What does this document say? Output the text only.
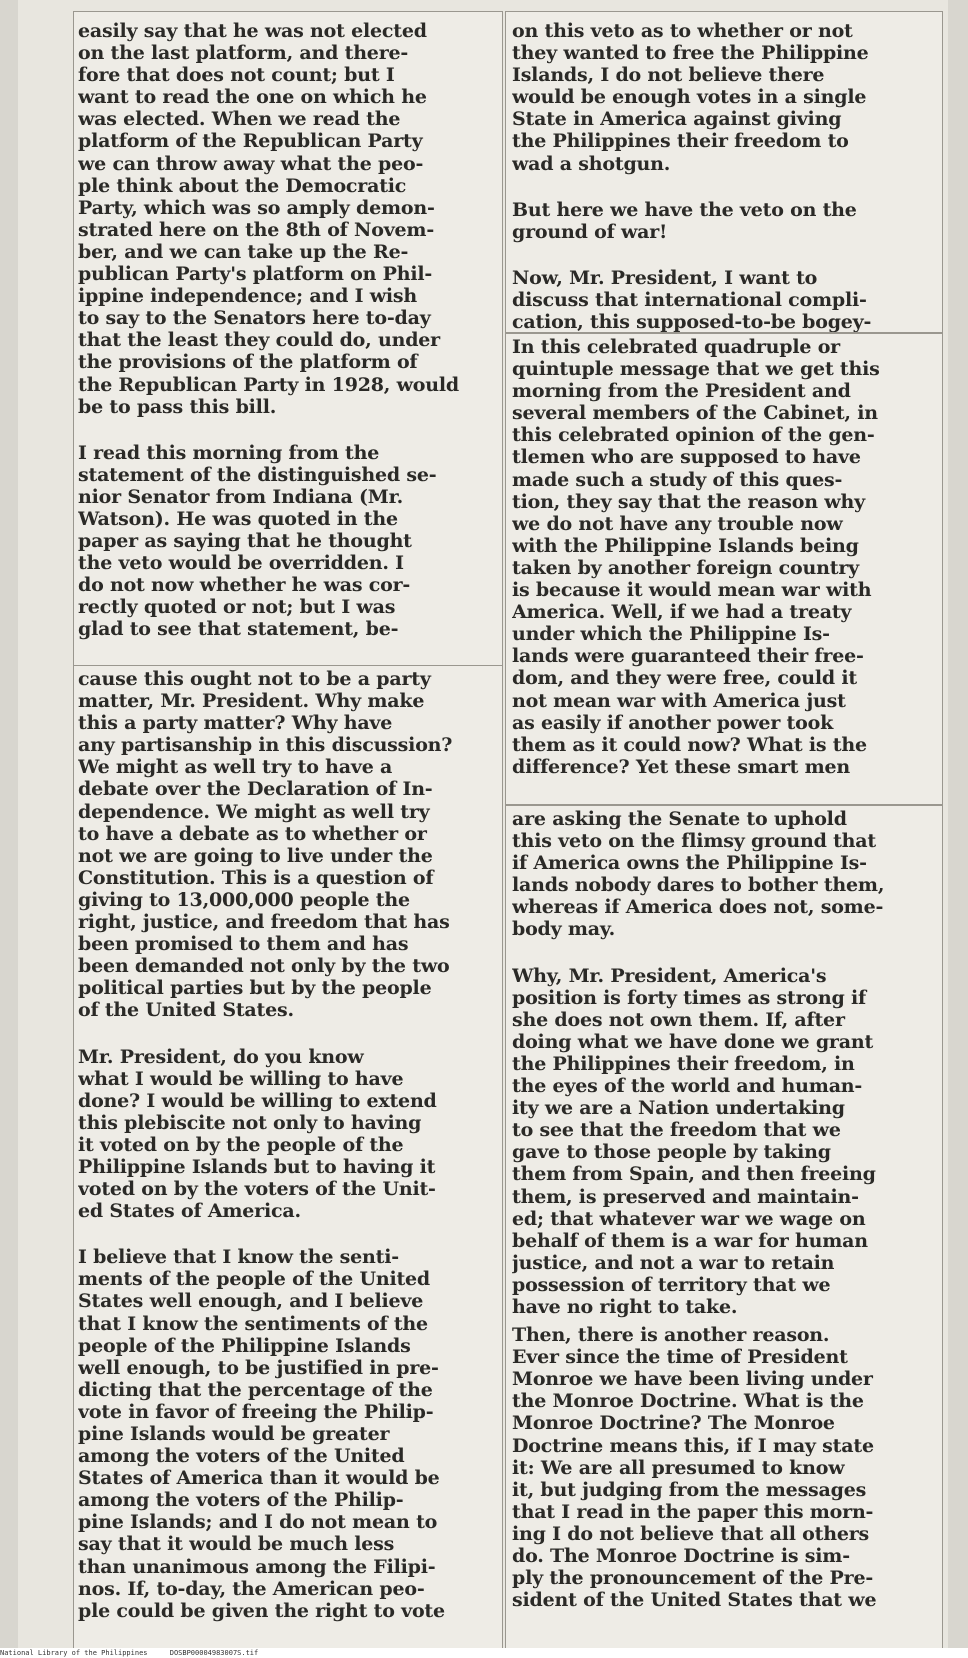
easily say that he was not elected
on the last platform, and there-
fore that does not count; but I
want to read the one on which he
was elected. When we read the
platform of the Republican Party
we can throw away what the peo-
ple think about the Democratic
Party, which was so amply demon-
strated here on the 8th of Novem-
ber, and we can take up the Re-
publican Party's platform on Phil-
ippine independence; and I wish
to say to the Senators here to-day
that the least they could do, under
the provisions of the platform of
the Republican Party in 1928, would
be to pass this bill.

I read this morning from the
statement of the distinguished se-
nior Senator from Indiana (Mr.
Watson). He was quoted in the
paper as saying that he thought
the veto would be overridden. I
do not now whether he was cor-
rectly quoted or not; but I was
glad to see that statement, be-

cause this ought not to be a party
matter, Mr. President. Why make
this a party matter? Why have
any partisanship in this discussion?
We might as well try to have a
debate over the Declaration of In-
dependence. We might as well try
to have a debate as to whether or
not we are going to live under the
Constitution. This is a question of
giving to 13,000,000 people the
right, justice, and freedom that has
been promised to them and has
been demanded not only by the two
political parties but by the people
of the United States.

Mr. President, do you know
what I would be willing to have
done? I would be willing to extend
this plebiscite not only to having
it voted on by the people of the
Philippine Islands but to having it
voted on by the voters of the Unit-
ed States of America.

I believe that I know the senti-
ments of the people of the United
States well enough, and I believe
that I know the sentiments of the
people of the Philippine Islands
well enough, to be justified in pre-
dicting that the percentage of the
vote in favor of freeing the Philip-
pine Islands would be greater
among the voters of the United
States of America than it would be
among the voters of the Philip-
pine Islands; and I do not mean to
say that it would be much less
than unanimous among the Filipi-
nos. If, to-day, the American peo-
ple could be given the right to vote

on this veto as to whether or not
they wanted to free the Philippine
Islands, I do not believe there
would be enough votes in a single
State in America against giving
the Philippines their freedom to
wad a shotgun.

But here we have the veto on the
ground of war!

Now, Mr. President, I want to
discuss that international compli-
cation, this supposed-to-be bogey-

In this celebrated quadruple or
quintuple message that we get this
morning from the President and
several members of the Cabinet, in
this celebrated opinion of the gen-
tlemen who are supposed to have
made such a study of this ques-
tion, they say that the reason why
we do not have any trouble now
with the Philippine Islands being
taken by another foreign country
is because it would mean war with
America. Well, if we had a treaty
under which the Philippine Is-
lands were guaranteed their free-
dom, and they were free, could it
not mean war with America just
as easily if another power took
them as it could now? What is the
difference? Yet these smart men

are asking the Senate to uphold
this veto on the flimsy ground that
if America owns the Philippine Is-
lands nobody dares to bother them,
whereas if America does not, some-
body may.

Why, Mr. President, America's
position is forty times as strong if
she does not own them. If, after
doing what we have done we grant
the Philippines their freedom, in
the eyes of the world and human-
ity we are a Nation undertaking
to see that the freedom that we
gave to those people by taking
them from Spain, and then freeing
them, is preserved and maintain-
ed; that whatever war we wage on
behalf of them is a war for human
justice, and not a war to retain
possession of territory that we
have no right to take.

Then, there is another reason.
Ever since the time of President
Monroe we have been living under
the Monroe Doctrine. What is the
Monroe Doctrine? The Monroe
Doctrine means this, if I may state
it: We are all presumed to know
it, but judging from the messages
that I read in the paper this morn-
ing I do not believe that all others
do. The Monroe Doctrine is sim-
ply the pronouncement of the Pre-
sident of the United States that we

National Library of the Philippines	DOSBP00004983007S.tif
